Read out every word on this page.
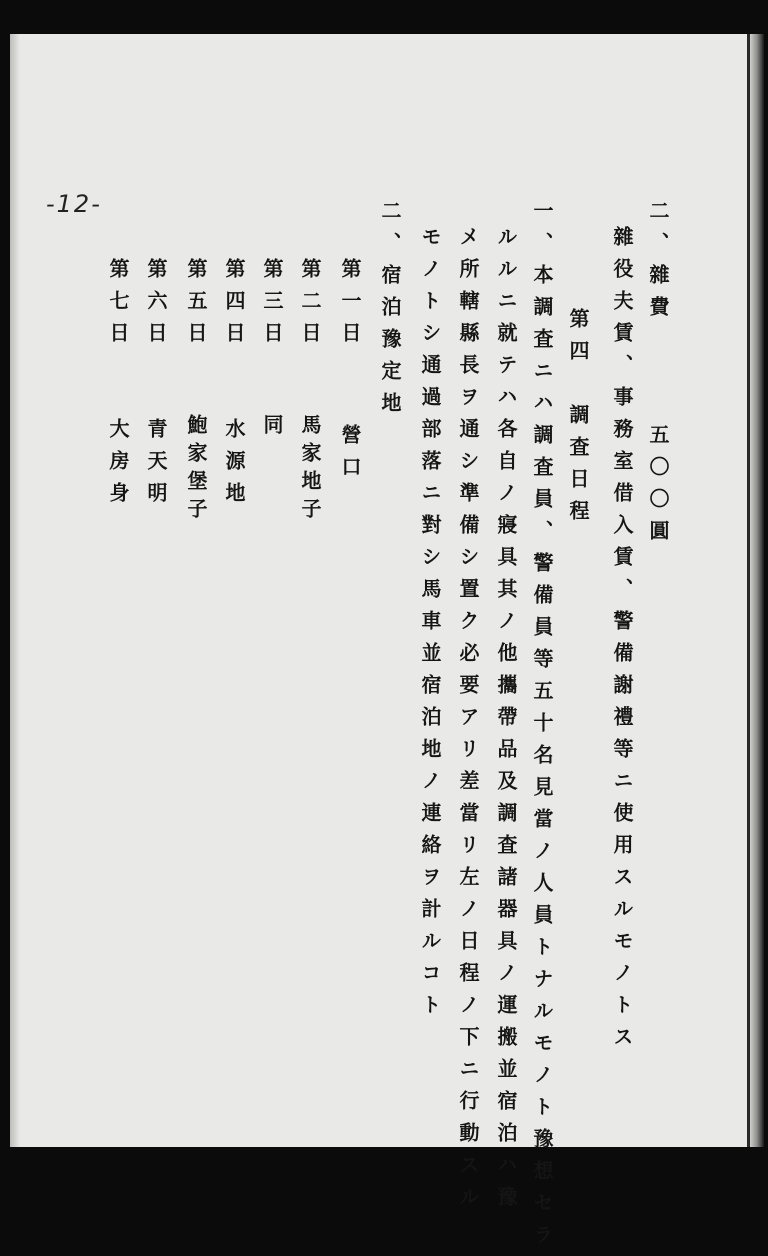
-12-	二、雜費　　　五〇〇圓
雜役夫賃、事務室借入賃、警備謝禮等ニ使用スルモノトス
第四　調査日程
一、本調査ニハ調査員、警備員等五十名見當ノ人員トナルモノト豫想セラ
ルルニ就テハ各自ノ寢具其ノ他攜帶品及調査諸器具ノ運搬並宿泊ハ豫
メ所轄縣長ヲ通シ準備シ置ク必要アリ差當リ左ノ日程ノ下ニ行動スル
モノトシ通過部落ニ對シ馬車並宿泊地ノ連絡ヲ計ルコト
二、宿泊豫定地
第一日
營口
第二日
馬家地子
第三日
同
第四日
水源地
第五日
鮑家堡子
第六日
青天明
第七日
大房身
